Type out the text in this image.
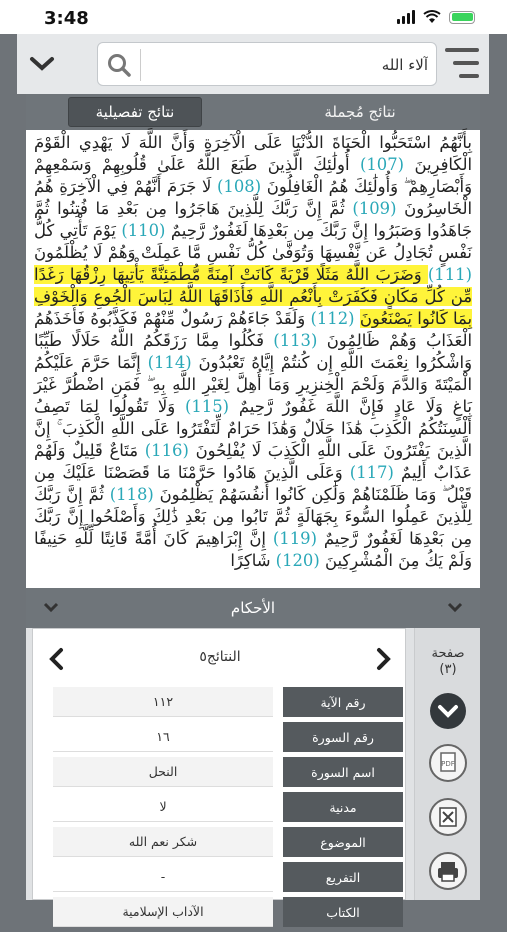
3:48
آلاء الله
نتائج تفصيلية	نتائج مُجملة
بِأَنَّهُمُ اسْتَحَبُّوا الْحَيَاةَ الدُّنْيَا عَلَى الْآخِرَةِ وَأَنَّ اللَّهَ لَا يَهْدِي الْقَوْمَ الْكَافِرِينَ (107) أُولَٰئِكَ الَّذِينَ طَبَعَ اللَّهُ عَلَىٰ قُلُوبِهِمْ وَسَمْعِهِمْ وَأَبْصَارِهِمْ ۖ وَأُولَٰئِكَ هُمُ الْغَافِلُونَ (108) لَا جَرَمَ أَنَّهُمْ فِي الْآخِرَةِ هُمُ الْخَاسِرُونَ (109) ثُمَّ إِنَّ رَبَّكَ لِلَّذِينَ هَاجَرُوا مِن بَعْدِ مَا فُتِنُوا ثُمَّ جَاهَدُوا وَصَبَرُوا إِنَّ رَبَّكَ مِن بَعْدِهَا لَغَفُورٌ رَّحِيمٌ (110) يَوْمَ تَأْتِي كُلُّ نَفْسٍ تُجَادِلُ عَن نَّفْسِهَا وَتُوَفَّىٰ كُلُّ نَفْسٍ مَّا عَمِلَتْ وَهُمْ لَا يُظْلَمُونَ (111) وَضَرَبَ اللَّهُ مَثَلًا قَرْيَةً كَانَتْ آمِنَةً مُّطْمَئِنَّةً يَأْتِيهَا رِزْقُهَا رَغَدًا مِّن كُلِّ مَكَانٍ فَكَفَرَتْ بِأَنْعُمِ اللَّهِ فَأَذَاقَهَا اللَّهُ لِبَاسَ الْجُوعِ وَالْخَوْفِ بِمَا كَانُوا يَصْنَعُونَ (112) وَلَقَدْ جَاءَهُمْ رَسُولٌ مِّنْهُمْ فَكَذَّبُوهُ فَأَخَذَهُمُ الْعَذَابُ وَهُمْ ظَالِمُونَ (113) فَكُلُوا مِمَّا رَزَقَكُمُ اللَّهُ حَلَالًا طَيِّبًا وَاشْكُرُوا نِعْمَتَ اللَّهِ إِن كُنتُمْ إِيَّاهُ تَعْبُدُونَ (114) إِنَّمَا حَرَّمَ عَلَيْكُمُ الْمَيْتَةَ وَالدَّمَ وَلَحْمَ الْخِنزِيرِ وَمَا أُهِلَّ لِغَيْرِ اللَّهِ بِهِ ۖ فَمَنِ اضْطُرَّ غَيْرَ بَاغٍ وَلَا عَادٍ فَإِنَّ اللَّهَ غَفُورٌ رَّحِيمٌ (115) وَلَا تَقُولُوا لِمَا تَصِفُ أَلْسِنَتُكُمُ الْكَذِبَ هَٰذَا حَلَالٌ وَهَٰذَا حَرَامٌ لِّتَفْتَرُوا عَلَى اللَّهِ الْكَذِبَ ۚ إِنَّ الَّذِينَ يَفْتَرُونَ عَلَى اللَّهِ الْكَذِبَ لَا يُفْلِحُونَ (116) مَتَاعٌ قَلِيلٌ وَلَهُمْ عَذَابٌ أَلِيمٌ (117) وَعَلَى الَّذِينَ هَادُوا حَرَّمْنَا مَا قَصَصْنَا عَلَيْكَ مِن قَبْلُ ۖ وَمَا ظَلَمْنَاهُمْ وَلَٰكِن كَانُوا أَنفُسَهُمْ يَظْلِمُونَ (118) ثُمَّ إِنَّ رَبَّكَ لِلَّذِينَ عَمِلُوا السُّوءَ بِجَهَالَةٍ ثُمَّ تَابُوا مِن بَعْدِ ذَٰلِكَ وَأَصْلَحُوا إِنَّ رَبَّكَ مِن بَعْدِهَا لَغَفُورٌ رَّحِيمٌ (119) إِنَّ إِبْرَاهِيمَ كَانَ أُمَّةً قَانِتًا لِّلَّهِ حَنِيفًا وَلَمْ يَكُ مِنَ الْمُشْرِكِينَ (120) شَاكِرًا
الأحكام
صفحة
(٣)
PDF
النتائج٥
١١٢	رقم الآية
١٦	رقم السورة
النحل	اسم السورة
لا	مدنية
شكر نعم الله	الموضوع
-	التفريع
الآداب الإسلامية	الكتاب
